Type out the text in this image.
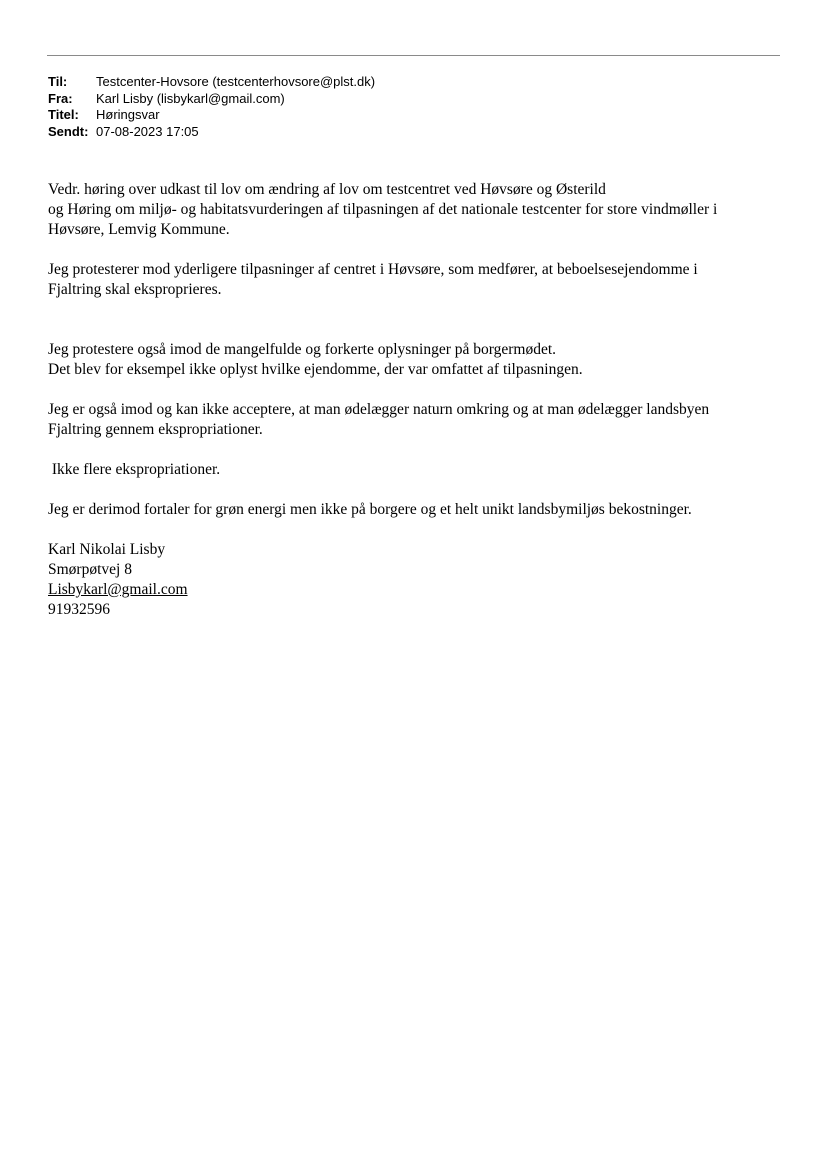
Til:	Testcenter-Hovsore (testcenterhovsore@plst.dk)
Fra:	Karl Lisby (lisbykarl@gmail.com)
Titel:	Høringsvar
Sendt: 07-08-2023 17:05

Vedr. høring over udkast til lov om ændring af lov om testcentret ved Høvsøre og Østerild
og Høring om miljø- og habitatsvurderingen af tilpasningen af det nationale testcenter for store vindmøller i
Høvsøre, Lemvig Kommune.

Jeg protesterer mod yderligere tilpasninger af centret i Høvsøre, som medfører, at beboelsesejendomme i
Fjaltring skal eksproprieres.

Jeg protestere også imod de mangelfulde og forkerte oplysninger på borgermødet.
Det blev for eksempel ikke oplyst hvilke ejendomme, der var omfattet af tilpasningen.

Jeg er også imod og kan ikke acceptere, at man ødelægger naturn omkring og at man ødelægger landsbyen
Fjaltring gennem ekspropriationer.

Ikke flere ekspropriationer.

Jeg er derimod fortaler for grøn energi men ikke på borgere og et helt unikt landsbymiljøs bekostninger.

Karl Nikolai Lisby
Smørpøtvej 8
Lisbykarl@gmail.com
91932596
